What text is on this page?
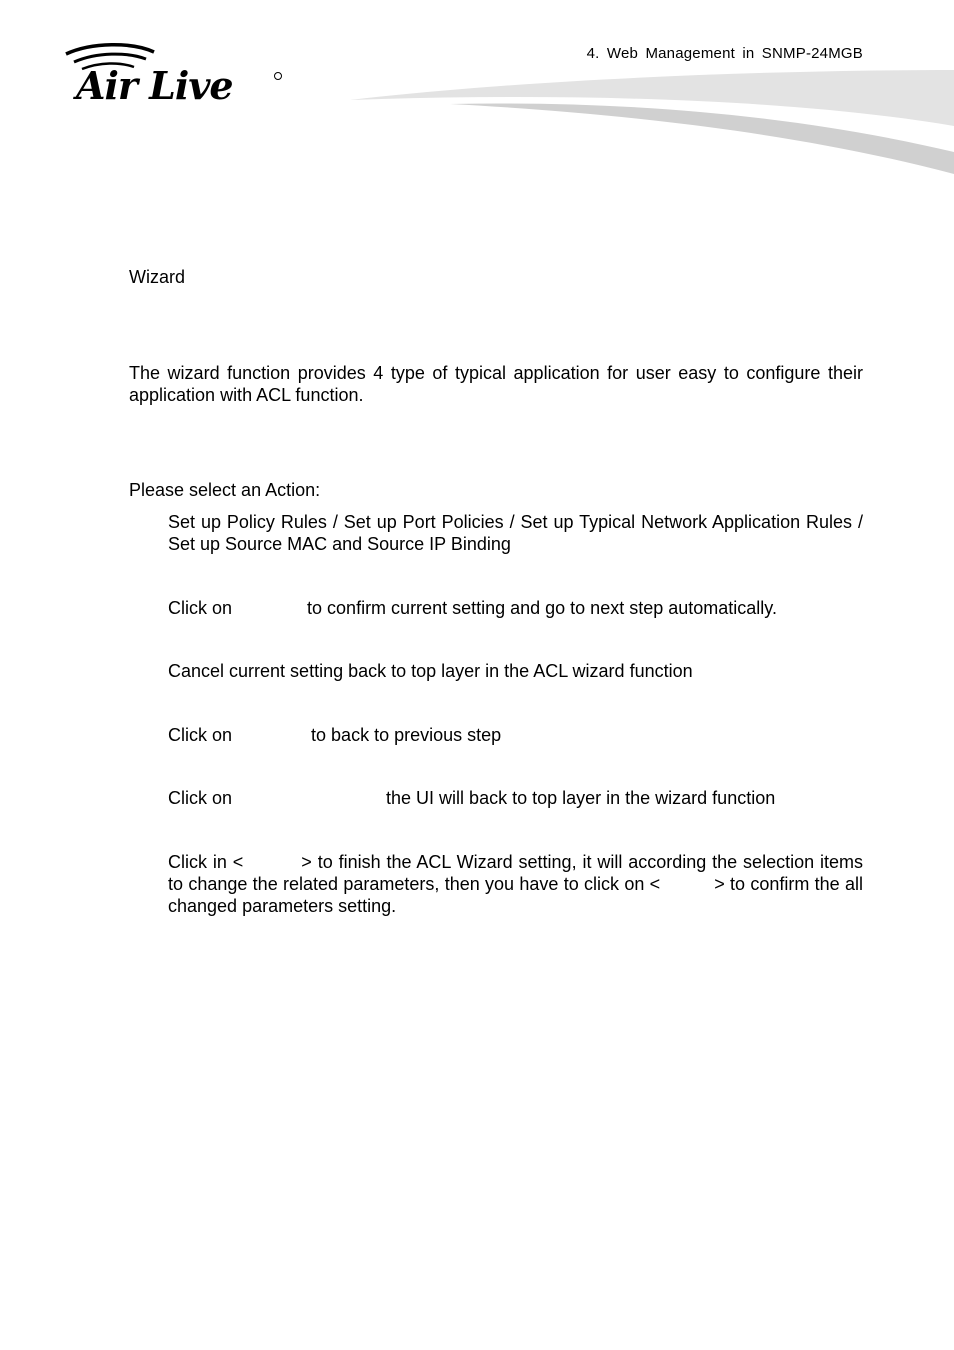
Air Live
4. Web Management in SNMP-24MGB
Wizard
The wizard function provides 4 type of typical application for user easy to configure their application with ACL function.
Please select an Action:
Set up Policy Rules / Set up Port Policies / Set up Typical Network Application Rules / Set up Source MAC and Source IP Binding
Click on	to confirm current setting and go to next step automatically.
Cancel current setting back to top layer in the ACL wizard function
Click on	to back to previous step
Click on	the UI will back to top layer in the wizard function
Click in <	> to finish the ACL Wizard setting, it will according the selection items to change the related parameters, then you have to click on <	> to confirm the all changed parameters setting.
